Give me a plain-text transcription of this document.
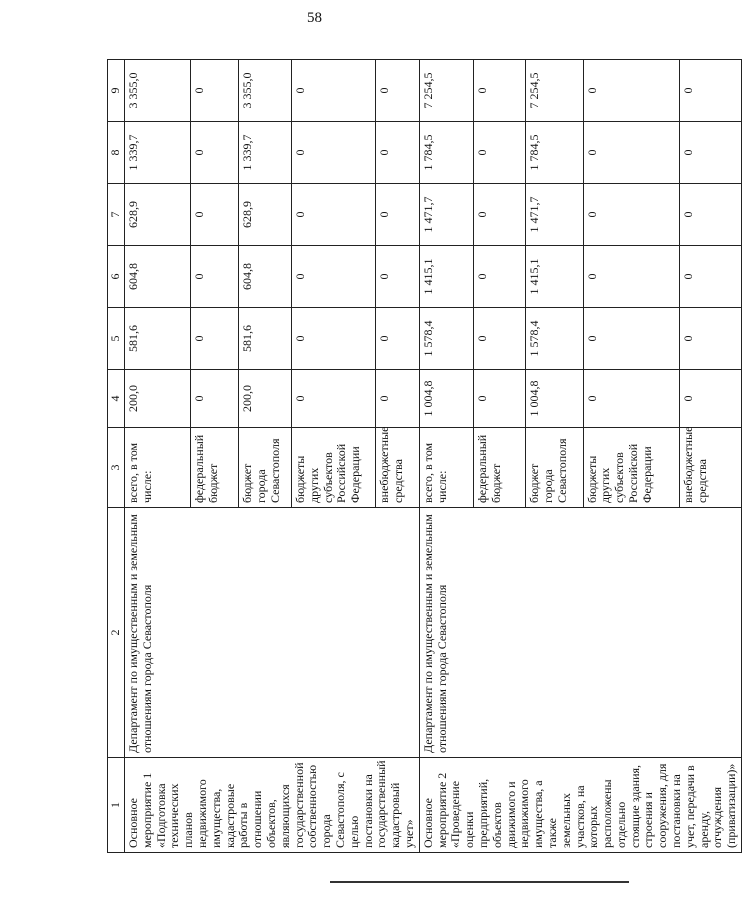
58
1	2	3	4	5	6	7	8	9
Основное мероприятие 1 «Подготовка технических планов недвижимого имущества, кадастровые работы в отношении объектов, являющихся государственной собственностью города Севастополя, с целью постановки на государственный кадастровый учет»	Департамент по имущественным и земельным отношениям города Севастополя	всего, в том числе:	200,0	581,6	604,8	628,9	1 339,7	3 355,0
		федеральный бюджет	0	0	0	0	0	0
		бюджет города Севастополя	200,0	581,6	604,8	628,9	1 339,7	3 355,0
		бюджеты других субъектов Российской Федерации	0	0	0	0	0	0
		внебюджетные средства	0	0	0	0	0	0
Основное мероприятие 2 «Проведение оценки предприятий, объектов движимого и недвижимого имущества, а также земельных участков, на которых расположены отдельно стоящие здания, строения и сооружения, для постановки на учет, передачи в аренду, отчуждения (приватизации)»	Департамент по имущественным и земельным отношениям города Севастополя	всего, в том числе:	1 004,8	1 578,4	1 415,1	1 471,7	1 784,5	7 254,5
		федеральный бюджет	0	0	0	0	0	0
		бюджет города Севастополя	1 004,8	1 578,4	1 415,1	1 471,7	1 784,5	7 254,5
		бюджеты других субъектов Российской Федерации	0	0	0	0	0	0
		внебюджетные средства	0	0	0	0	0	0
